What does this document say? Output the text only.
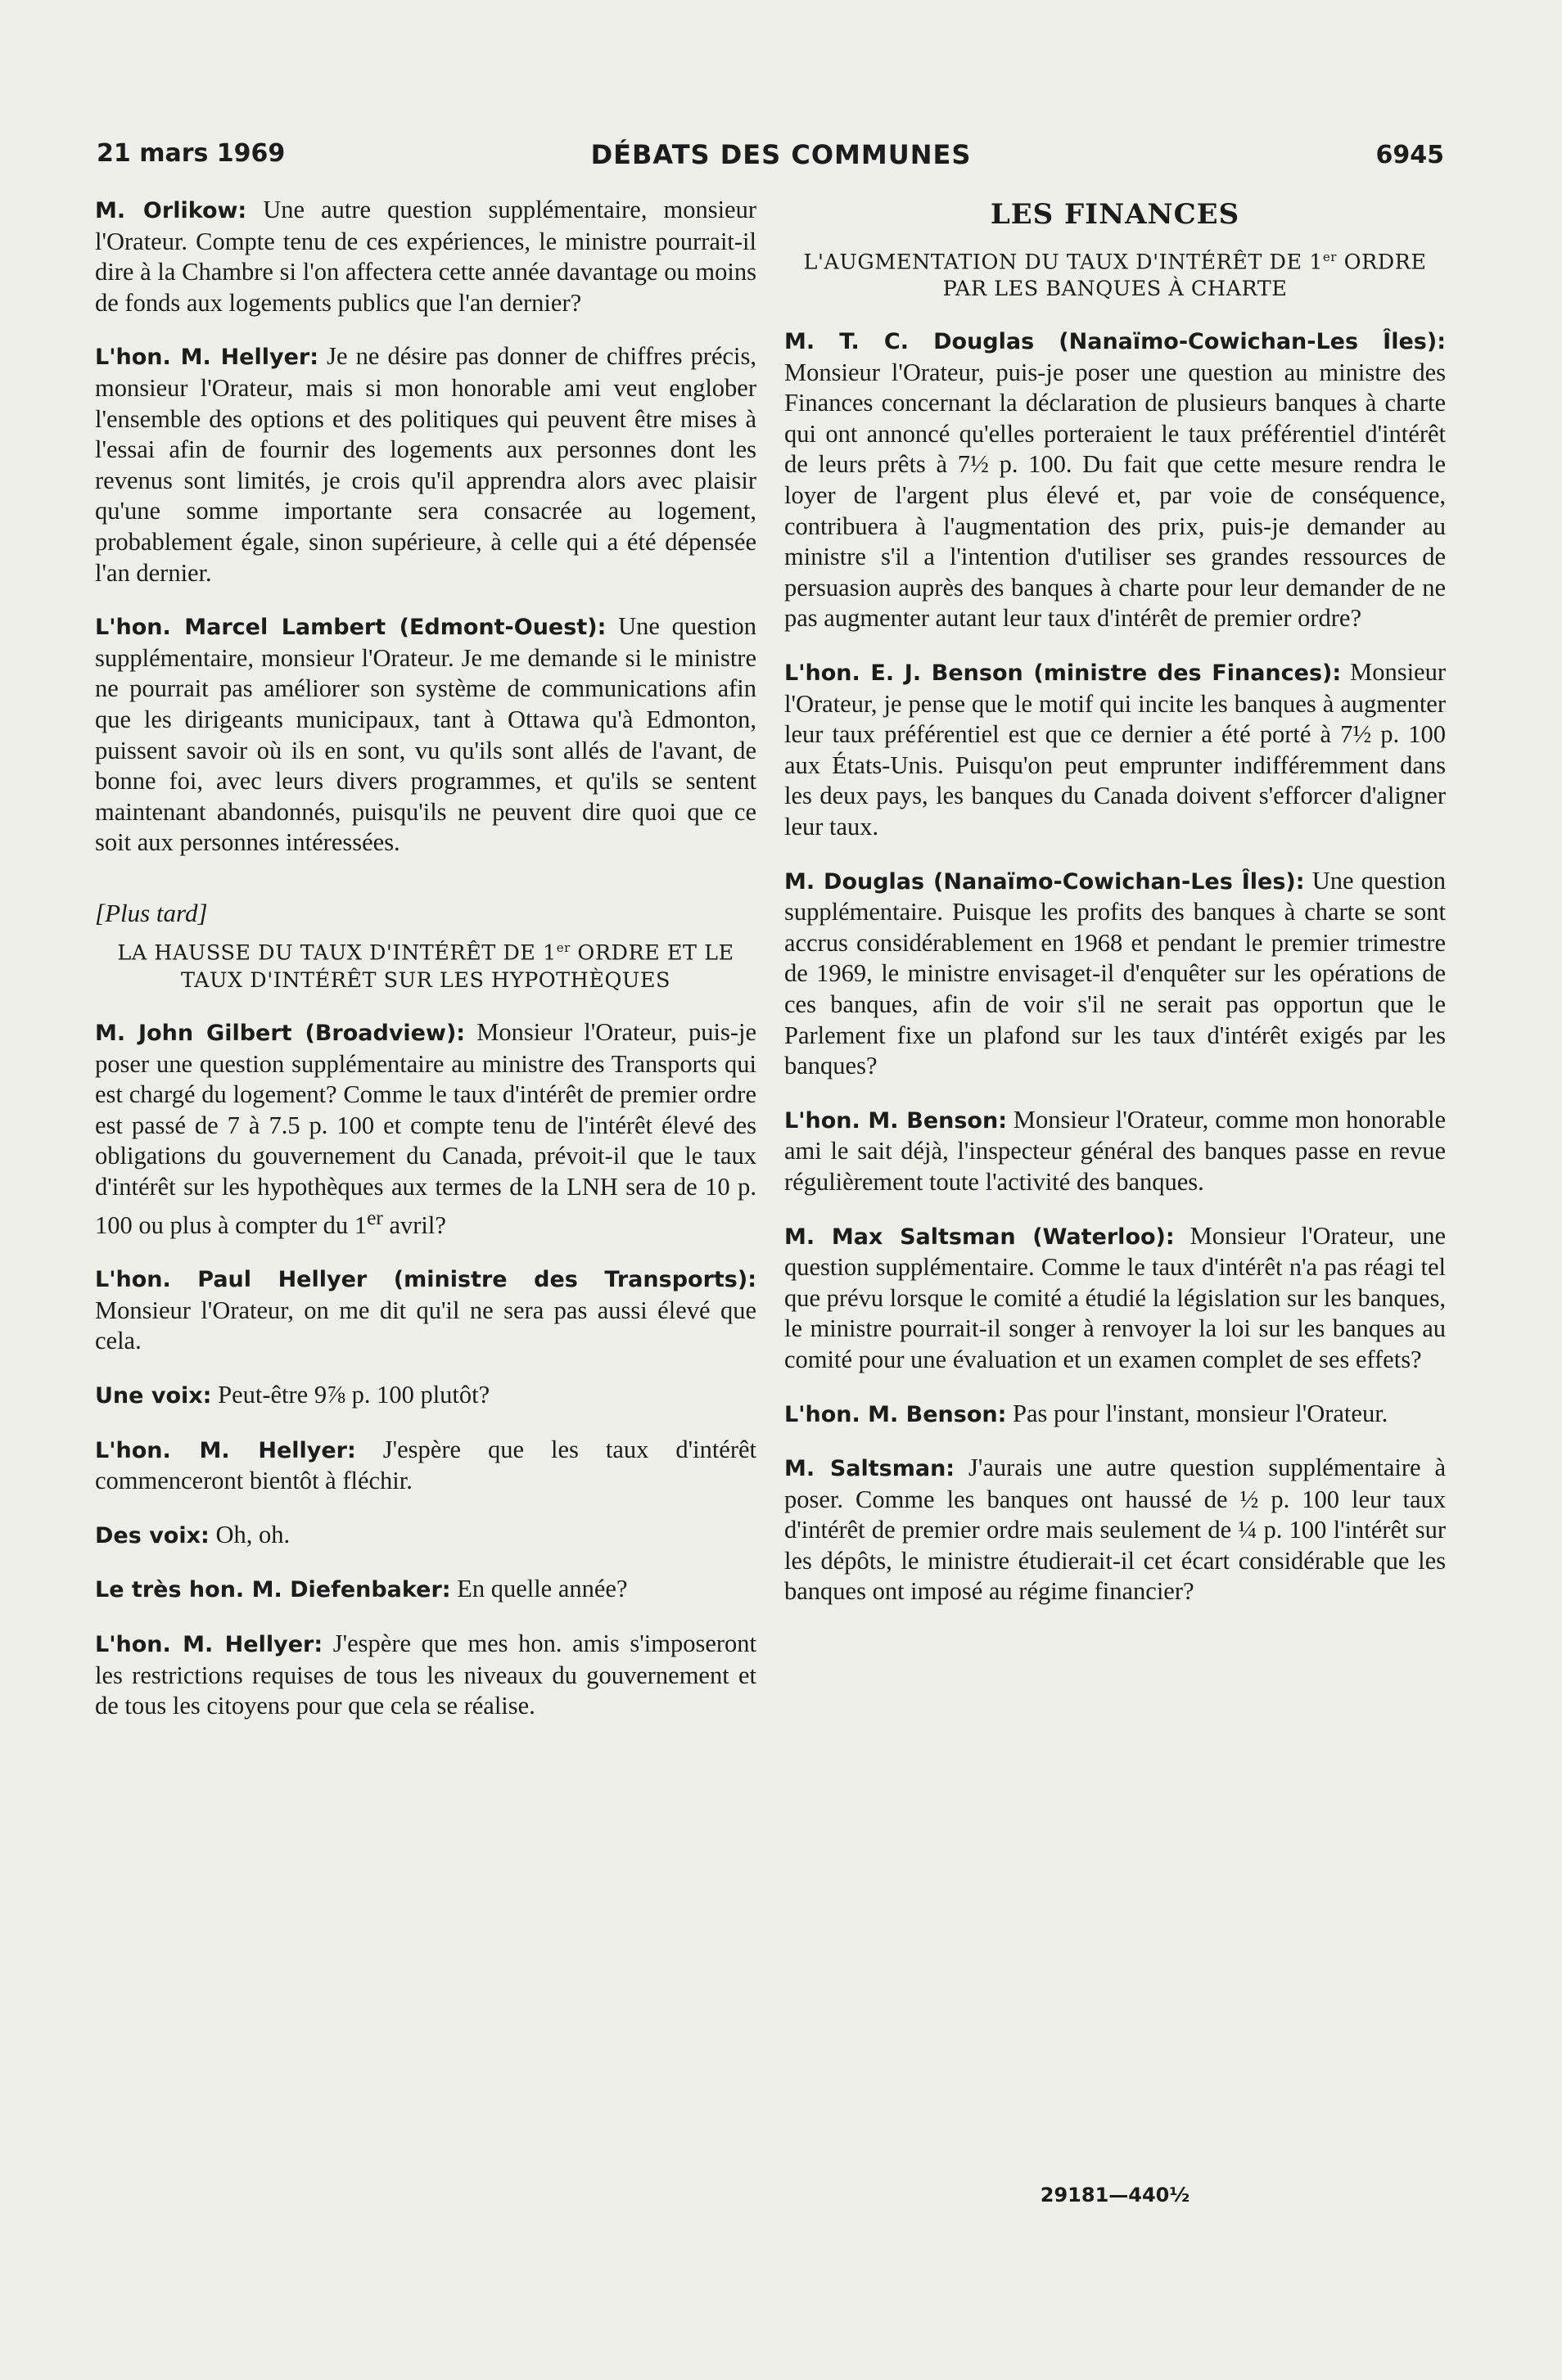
21 mars 1969	DÉBATS DES COMMUNES	6945

M. Orlikow: Une autre question supplémentaire, monsieur l'Orateur. Compte tenu de ces expériences, le ministre pourrait-il dire à la Chambre si l'on affectera cette année davantage ou moins de fonds aux logements publics que l'an dernier?

L'hon. M. Hellyer: Je ne désire pas donner de chiffres précis, monsieur l'Orateur, mais si mon honorable ami veut englober l'ensemble des options et des politiques qui peuvent être mises à l'essai afin de fournir des logements aux personnes dont les revenus sont limités, je crois qu'il apprendra alors avec plaisir qu'une somme importante sera consacrée au logement, probablement égale, sinon supérieure, à celle qui a été dépensée l'an dernier.

L'hon. Marcel Lambert (Edmont-Ouest): Une question supplémentaire, monsieur l'Orateur. Je me demande si le ministre ne pourrait pas améliorer son système de communications afin que les dirigeants municipaux, tant à Ottawa qu'à Edmonton, puissent savoir où ils en sont, vu qu'ils sont allés de l'avant, de bonne foi, avec leurs divers programmes, et qu'ils se sentent maintenant abandonnés, puisqu'ils ne peuvent dire quoi que ce soit aux personnes intéressées.

[Plus tard]
LA HAUSSE DU TAUX D'INTÉRÊT DE 1er ORDRE ET LE TAUX D'INTÉRÊT SUR LES HYPOTHÈQUES

M. John Gilbert (Broadview): Monsieur l'Orateur, puis-je poser une question supplémentaire au ministre des Transports qui est chargé du logement? Comme le taux d'intérêt de premier ordre est passé de 7 à 7.5 p. 100 et compte tenu de l'intérêt élevé des obligations du gouvernement du Canada, prévoit-il que le taux d'intérêt sur les hypothèques aux termes de la LNH sera de 10 p. 100 ou plus à compter du 1er avril?

L'hon. Paul Hellyer (ministre des Transports): Monsieur l'Orateur, on me dit qu'il ne sera pas aussi élevé que cela.

Une voix: Peut-être 9⅞ p. 100 plutôt?

L'hon. M. Hellyer: J'espère que les taux d'intérêt commenceront bientôt à fléchir.

Des voix: Oh, oh.

Le très hon. M. Diefenbaker: En quelle année?

L'hon. M. Hellyer: J'espère que mes hon. amis s'imposeront les restrictions requises de tous les niveaux du gouvernement et de tous les citoyens pour que cela se réalise.

LES FINANCES
L'AUGMENTATION DU TAUX D'INTÉRÊT DE 1er ORDRE PAR LES BANQUES À CHARTE

M. T. C. Douglas (Nanaïmo-Cowichan-Les Îles): Monsieur l'Orateur, puis-je poser une question au ministre des Finances concernant la déclaration de plusieurs banques à charte qui ont annoncé qu'elles porteraient le taux préférentiel d'intérêt de leurs prêts à 7½ p. 100. Du fait que cette mesure rendra le loyer de l'argent plus élevé et, par voie de conséquence, contribuera à l'augmentation des prix, puis-je demander au ministre s'il a l'intention d'utiliser ses grandes ressources de persuasion auprès des banques à charte pour leur demander de ne pas augmenter autant leur taux d'intérêt de premier ordre?

L'hon. E. J. Benson (ministre des Finances): Monsieur l'Orateur, je pense que le motif qui incite les banques à augmenter leur taux préférentiel est que ce dernier a été porté à 7½ p. 100 aux États-Unis. Puisqu'on peut emprunter indifféremment dans les deux pays, les banques du Canada doivent s'efforcer d'aligner leur taux.

M. Douglas (Nanaïmo-Cowichan-Les Îles): Une question supplémentaire. Puisque les profits des banques à charte se sont accrus considérablement en 1968 et pendant le premier trimestre de 1969, le ministre envisaget-il d'enquêter sur les opérations de ces banques, afin de voir s'il ne serait pas opportun que le Parlement fixe un plafond sur les taux d'intérêt exigés par les banques?

L'hon. M. Benson: Monsieur l'Orateur, comme mon honorable ami le sait déjà, l'inspecteur général des banques passe en revue régulièrement toute l'activité des banques.

M. Max Saltsman (Waterloo): Monsieur l'Orateur, une question supplémentaire. Comme le taux d'intérêt n'a pas réagi tel que prévu lorsque le comité a étudié la législation sur les banques, le ministre pourrait-il songer à renvoyer la loi sur les banques au comité pour une évaluation et un examen complet de ses effets?

L'hon. M. Benson: Pas pour l'instant, monsieur l'Orateur.

M. Saltsman: J'aurais une autre question supplémentaire à poser. Comme les banques ont haussé de ½ p. 100 leur taux d'intérêt de premier ordre mais seulement de ¼ p. 100 l'intérêt sur les dépôts, le ministre étudierait-il cet écart considérable que les banques ont imposé au régime financier?

29181—440½
